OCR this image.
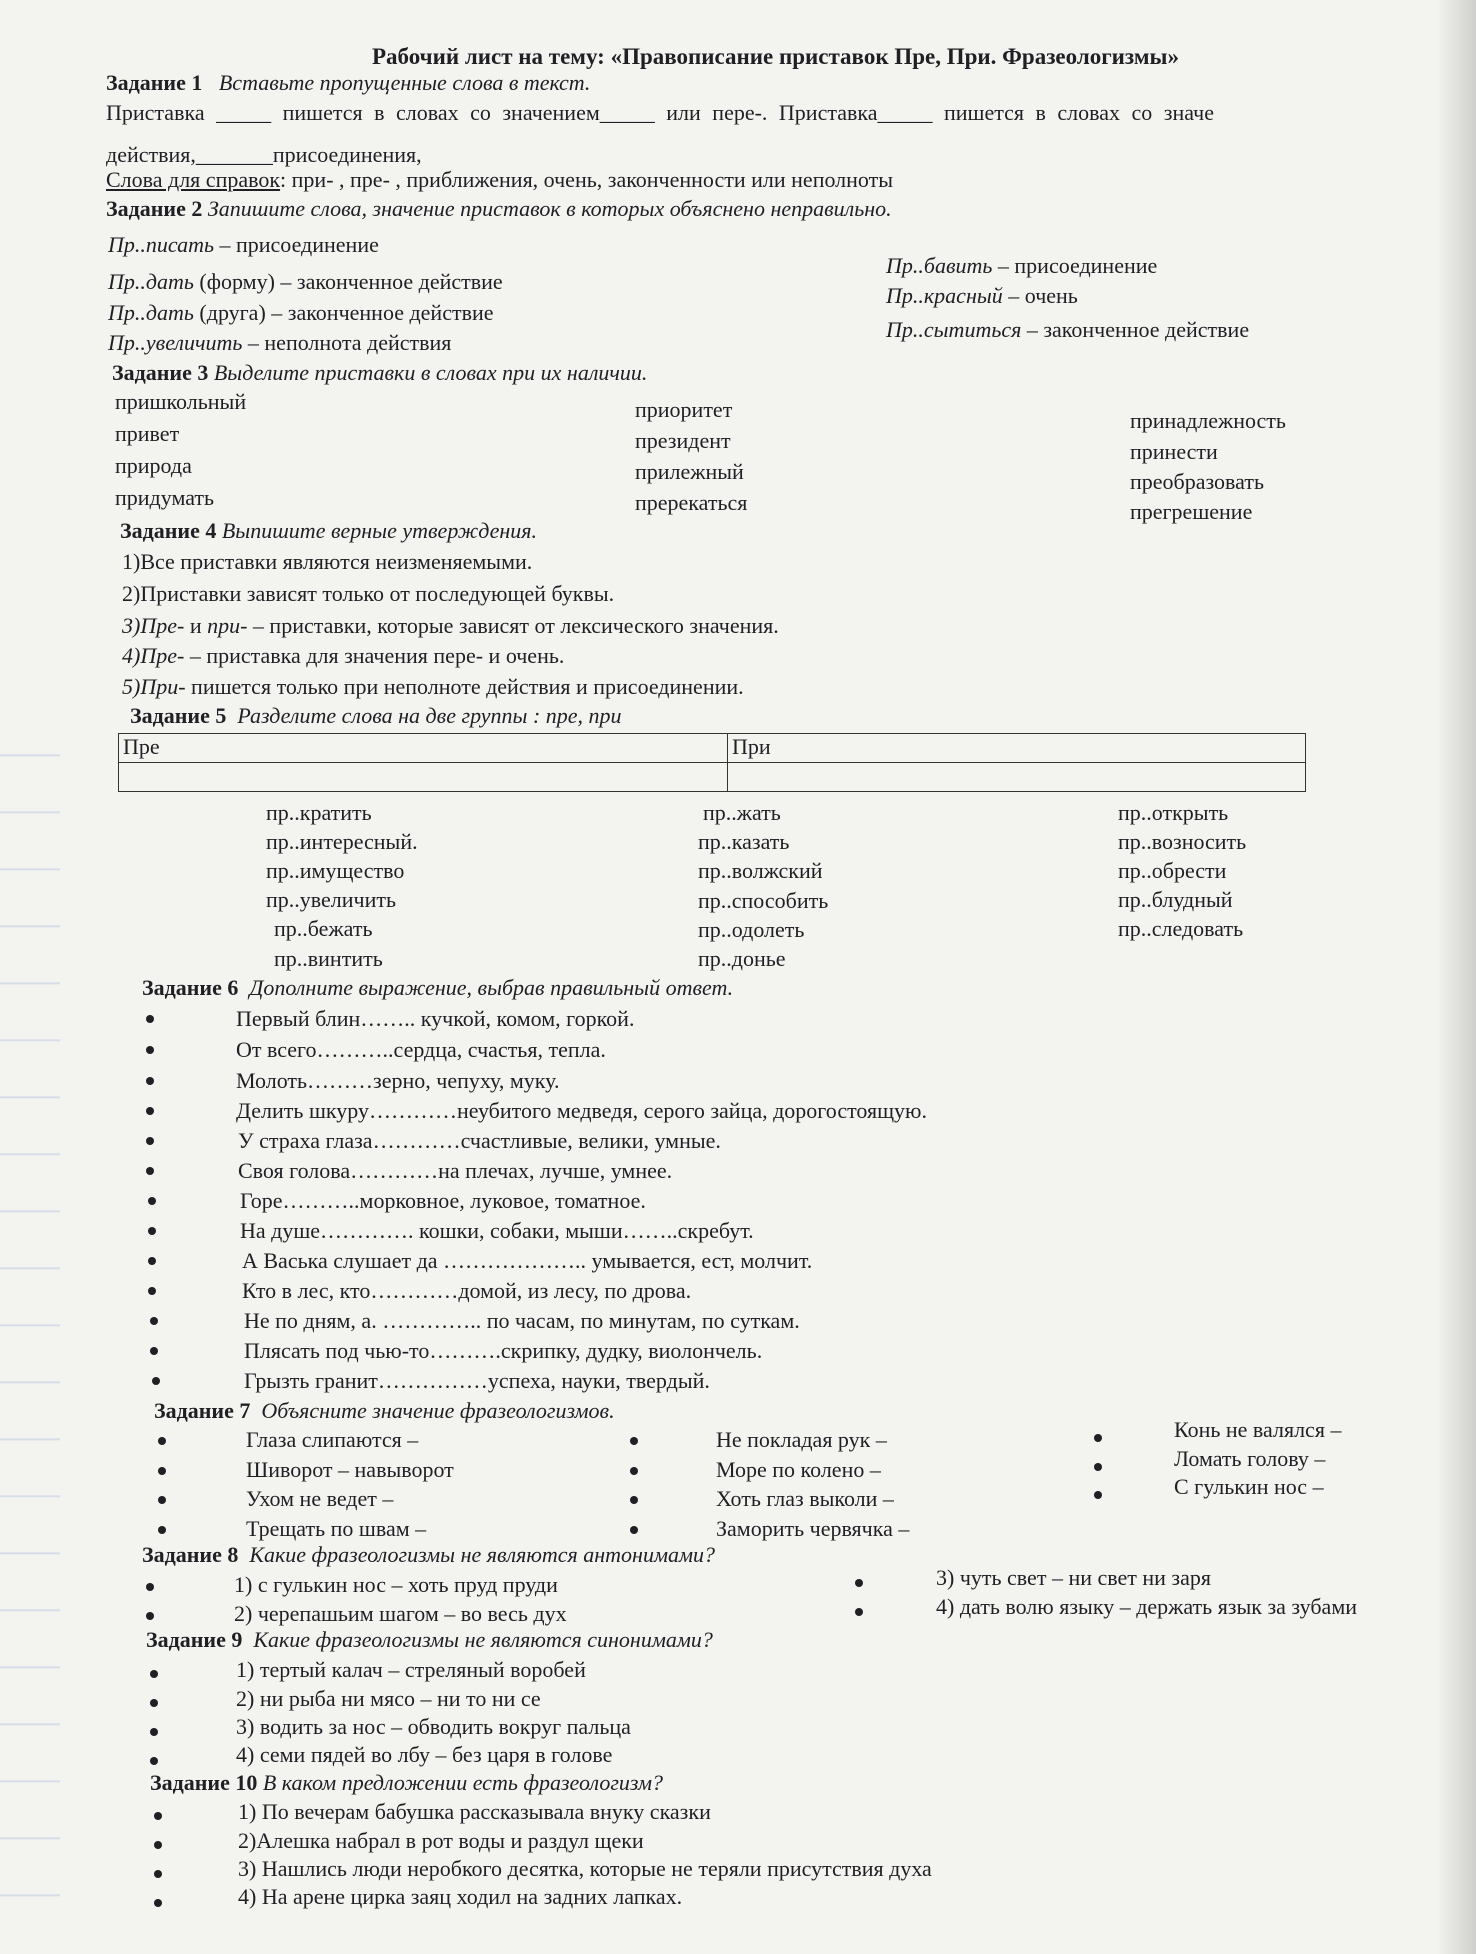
Рабочий лист на тему: «Правописание приставок Пре, При. Фразеологизмы»
Задание 1 Вставьте пропущенные слова в текст.
Приставка _____ пишется в словах со значением_____ или пере-. Приставка_____ пишется в словах со значе
действия,_______присоединения,
Слова для справок: при- , пре- , приближения, очень, законченности или неполноты
Задание 2 Запишите слова, значение приставок в которых объяснено неправильно.
Пр..писать – присоединение
Пр..дать (форму) – законченное действие
Пр..дать (друга) – законченное действие
Пр..увеличить – неполнота действия
Пр..бавить – присоединение
Пр..красный – очень
Пр..сытиться – законченное действие
Задание 3 Выделите приставки в словах при их наличии.
пришкольный
привет
природа
придумать
приоритет
президент
прилежный
пререкаться
принадлежность
принести
преобразовать
прегрешение
Задание 4 Выпишите верные утверждения.
1)Все приставки являются неизменяемыми.
2)Приставки зависят только от последующей буквы.
3)Пре- и при- – приставки, которые зависят от лексического значения.
4)Пре- – приставка для значения пере- и очень.
5)При- пишется только при неполноте действия и присоединении.
Задание 5 Разделите слова на две группы : пре, при
Пре	При

пр..кратить
пр..интересный.
пр..имущество
пр..увеличить
пр..бежать
пр..винтить
пр..жать
пр..казать
пр..волжский
пр..способить
пр..одолеть
пр..донье
пр..открыть
пр..возносить
пр..обрести
пр..блудный
пр..следовать
Задание 6 Дополните выражение, выбрав правильный ответ.
Первый блин…….. кучкой, комом, горкой.
От всего………..сердца, счастья, тепла.
Молоть………зерно, чепуху, муку.
Делить шкуру…………неубитого медведя, серого зайца, дорогостоящую.
У страха глаза…………счастливые, велики, умные.
Своя голова…………на плечах, лучше, умнее.
Горе………..морковное, луковое, томатное.
На душе…………. кошки, собаки, мыши……..скребут.
А Васька слушает да ……………….. умывается, ест, молчит.
Кто в лес, кто…………домой, из лесу, по дрова.
Не по дням, а. ………….. по часам, по минутам, по суткам.
Плясать под чью-то……….скрипку, дудку, виолончель.
Грызть гранит……………успеха, науки, твердый.
Задание 7 Объясните значение фразеологизмов.
Глаза слипаются –
Шиворот – навыворот
Ухом не ведет –
Трещать по швам –
Не покладая рук –
Море по колено –
Хоть глаз выколи –
Заморить червячка –
Конь не валялся –
Ломать голову –
С гулькин нос –
Задание 8 Какие фразеологизмы не являются антонимами?
1) с гулькин нос – хоть пруд пруди
2) черепашьим шагом – во весь дух
3) чуть свет – ни свет ни заря
4) дать волю языку – держать язык за зубами
Задание 9 Какие фразеологизмы не являются синонимами?
1) тертый калач – стреляный воробей
2) ни рыба ни мясо – ни то ни се
3) водить за нос – обводить вокруг пальца
4) семи пядей во лбу – без царя в голове
Задание 10 В каком предложении есть фразеологизм?
1) По вечерам бабушка рассказывала внуку сказки
2)Алешка набрал в рот воды и раздул щеки
3) Нашлись люди неробкого десятка, которые не теряли присутствия духа
4) На арене цирка заяц ходил на задних лапках.
